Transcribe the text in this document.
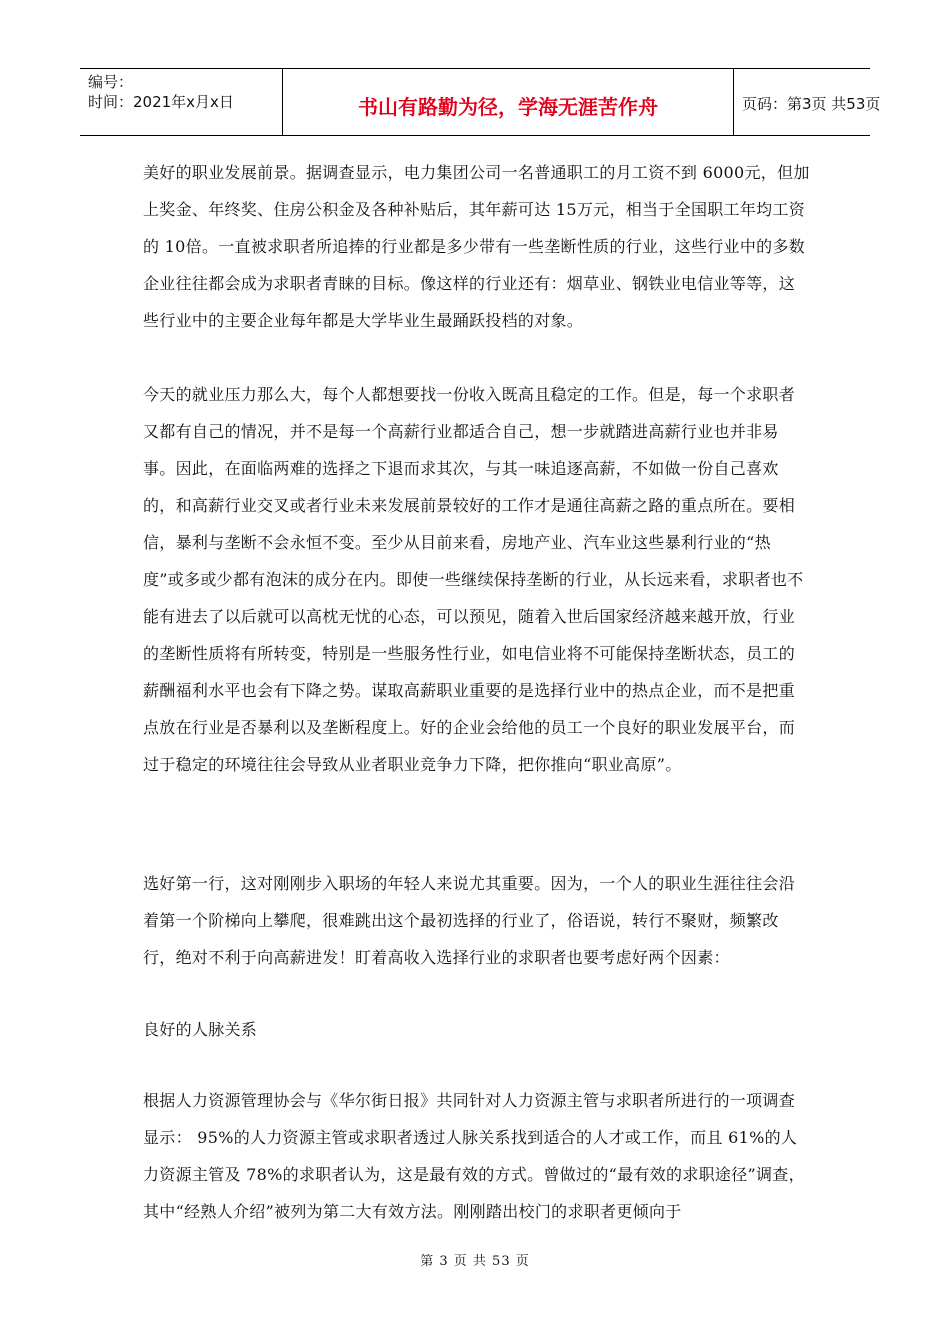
编号：
时间：2021年x月x日	书山有路勤为径，学海无涯苦作舟	页码：第3页 共53页

美好的职业发展前景。据调查显示，电力集团公司一名普通职工的月工资不到 6000元，但加上奖金、年终奖、住房公积金及各种补贴后，其年薪可达 15万元，相当于全国职工年均工资的 10倍。一直被求职者所追捧的行业都是多少带有一些垄断性质的行业，这些行业中的多数企业往往都会成为求职者青睐的目标。像这样的行业还有：烟草业、钢铁业电信业等等，这些行业中的主要企业每年都是大学毕业生最踊跃投档的对象。

今天的就业压力那么大，每个人都想要找一份收入既高且稳定的工作。但是，每一个求职者又都有自己的情况，并不是每一个高薪行业都适合自己，想一步就踏进高薪行业也并非易事。因此，在面临两难的选择之下退而求其次，与其一味追逐高薪，不如做一份自己喜欢的，和高薪行业交叉或者行业未来发展前景较好的工作才是通往高薪之路的重点所在。要相信，暴利与垄断不会永恒不变。至少从目前来看，房地产业、汽车业这些暴利行业的“热度”或多或少都有泡沫的成分在内。即使一些继续保持垄断的行业，从长远来看，求职者也不能有进去了以后就可以高枕无忧的心态，可以预见，随着入世后国家经济越来越开放，行业的垄断性质将有所转变，特别是一些服务性行业，如电信业将不可能保持垄断状态，员工的薪酬福利水平也会有下降之势。谋取高薪职业重要的是选择行业中的热点企业，而不是把重点放在行业是否暴利以及垄断程度上。好的企业会给他的员工一个良好的职业发展平台，而过于稳定的环境往往会导致从业者职业竞争力下降，把你推向“职业高原”。

选好第一行，这对刚刚步入职场的年轻人来说尤其重要。因为，一个人的职业生涯往往会沿着第一个阶梯向上攀爬，很难跳出这个最初选择的行业了，俗语说，转行不聚财，频繁改行，绝对不利于向高薪进发！盯着高收入选择行业的求职者也要考虑好两个因素：

良好的人脉关系

根据人力资源管理协会与《华尔街日报》共同针对人力资源主管与求职者所进行的一项调查显示： 95%的人力资源主管或求职者透过人脉关系找到适合的人才或工作，而且 61%的人力资源主管及 78%的求职者认为，这是最有效的方式。曾做过的“最有效的求职途径”调查，其中“经熟人介绍”被列为第二大有效方法。刚刚踏出校门的求职者更倾向于

第 3 页 共 53 页
